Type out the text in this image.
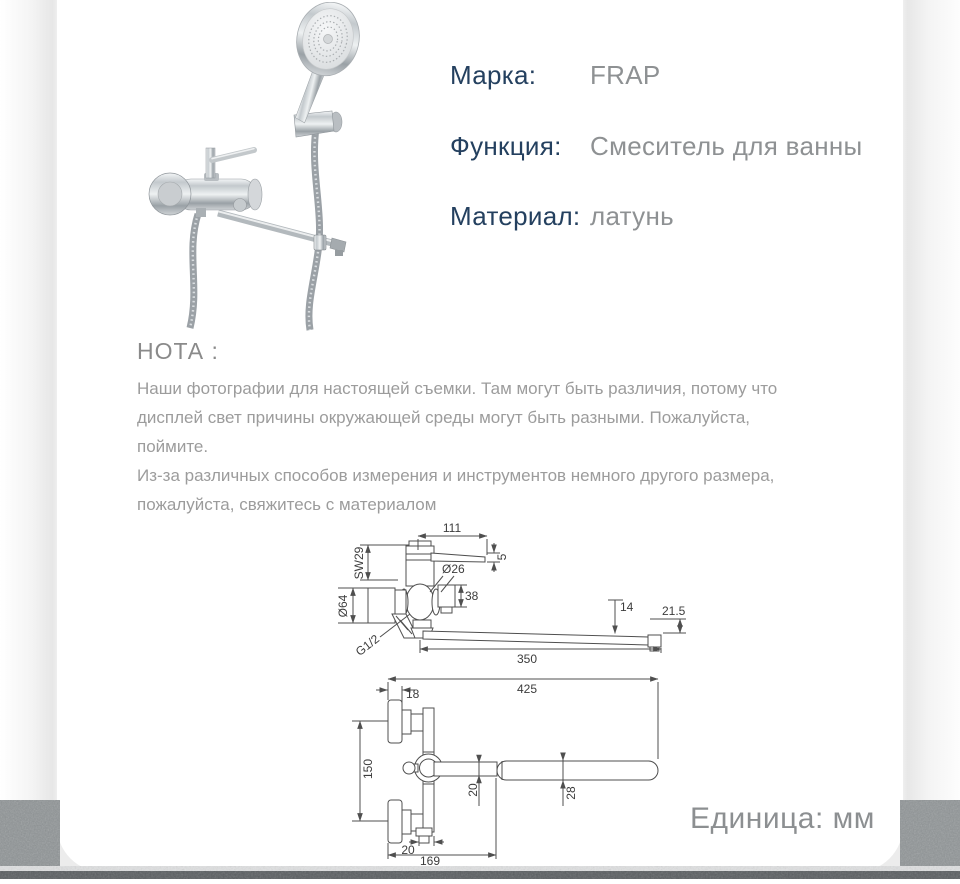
Марка:	FRAP
Функция:	Смеситель для ванны
Материал: латунь
НОТА :

Наши фотографии для настоящей съемки. Там могут быть различия, потому что

дисплей свет причины окружающей среды могут быть разными. Пожалуйста,

поймите.

Из-за различных способов измерения и инструментов немного другого размера,

пожалуйста, свяжитесь с материалом

111
5
SW29
Ø64
Ø26
38
G1/2
14 21.5
350
425
18
150
20	28
20
169
Единица: мм
